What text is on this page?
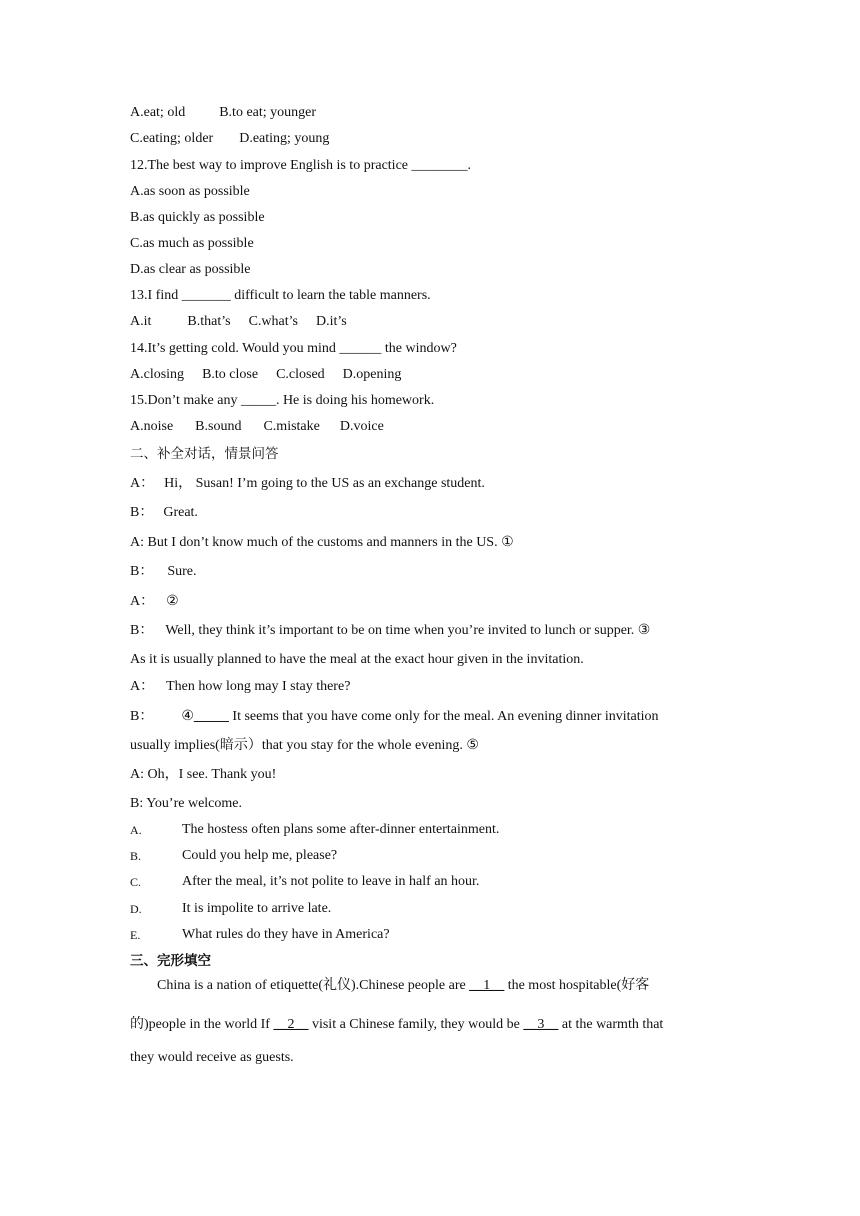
A.eat; old B.to eat; younger
C.eating; older D.eating; young
12.The best way to improve English is to practice ________.
A.as soon as possible
B.as quickly as possible
C.as much as possible
D.as clear as possible
13.I find _______ difficult to learn the table manners.
A.it	B.that’s C.what’s D.it’s
14.It’s getting cold. Would you mind ______ the window?
A.closing B.to close C.closed D.opening
15.Don’t make any _____. He is doing his homework.
A.noise B.sound C.mistake D.voice
二、补全对话，情景问答
A： Hi， Susan! I’m going to the US as an exchange student.
B： Great.
A: But I don’t know much of the customs and manners in the US. ①
B： Sure.
A： ②
B： Well, they think it’s important to be on time when you’re invited to lunch or supper. ③
As it is usually planned to have the meal at the exact hour given in the invitation.
A： Then how long may I stay there?
B： ④_____ It seems that you have come only for the meal. An evening dinner invitation
usually implies(暗示）that you stay for the whole evening. ⑤
A: Oh，I see. Thank you!
B: You’re welcome.
A.	The hostess often plans some after-dinner entertainment.
B.	Could you help me, please?
C.	After the meal, it’s not polite to leave in half an hour.
D.	It is impolite to arrive late.
E.	What rules do they have in America?
三、完形填空
China is a nation of etiquette(礼仪).Chinese people are __1__ the most hospitable(好客
的)people in the world If __2__ visit a Chinese family, they would be __3__ at the warmth that
they would receive as guests.
